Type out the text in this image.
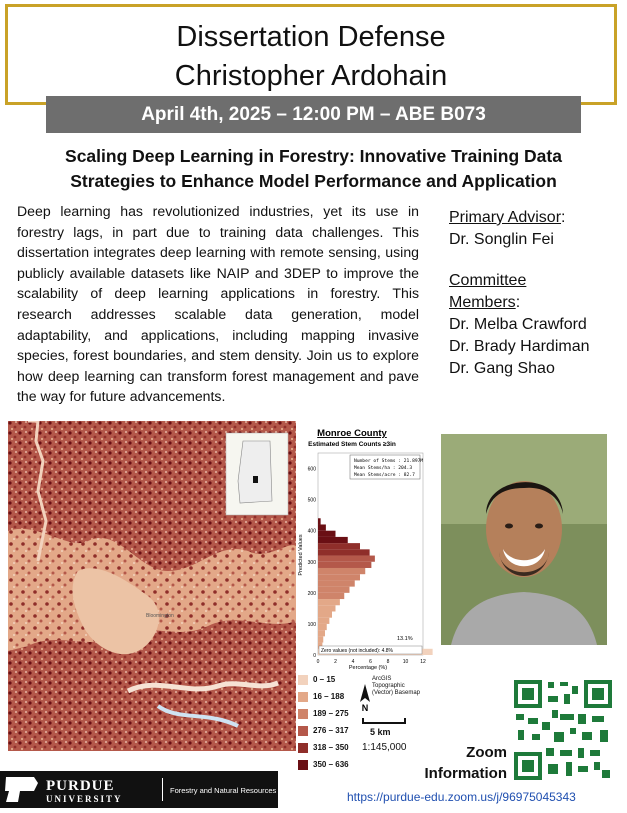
Dissertation Defense
Christopher Ardohain
April 4th, 2025 – 12:00 PM – ABE B073
Scaling Deep Learning in Forestry: Innovative Training Data
Strategies to Enhance Model Performance and Application
Deep learning has revolutionized industries, yet its use in forestry lags, in part due to training data challenges. This dissertation integrates deep learning with remote sensing, using publicly available datasets like NAIP and 3DEP to improve the scalability of deep learning applications in forestry. This research addresses scalable data generation, model adaptability, and applications, including mapping invasive species, forest boundaries, and stem density. Join us to explore how deep learning can transform forest management and pave the way for future advancements.
Primary Advisor:
Dr. Songlin Fei
Committee
Members:
Dr. Melba Crawford
Dr. Brady Hardiman
Dr. Gang Shao
Bloomington
Monroe County
Estimated Stem Counts ≥3in
Number of Stems : 21.897M
Mean Stems/ha : 204.3
Mean Stems/acre : 82.7
0
100
200
300
400
500
600
0	2	4	6	8	10 12
13.1%
Zero values (not included): 4.8%
Percentage (%)
Predicted Values
0 – 15
16 – 188
189 – 275
276 – 317
318 – 350
350 – 636
N
ArcGIS Topographic (Vector) Basemap
5 km
1:145,000	Zoom
Information
PURDUE
UNIVERSITY
Forestry and Natural Resources	https://purdue-edu.zoom.us/j/96975045343
